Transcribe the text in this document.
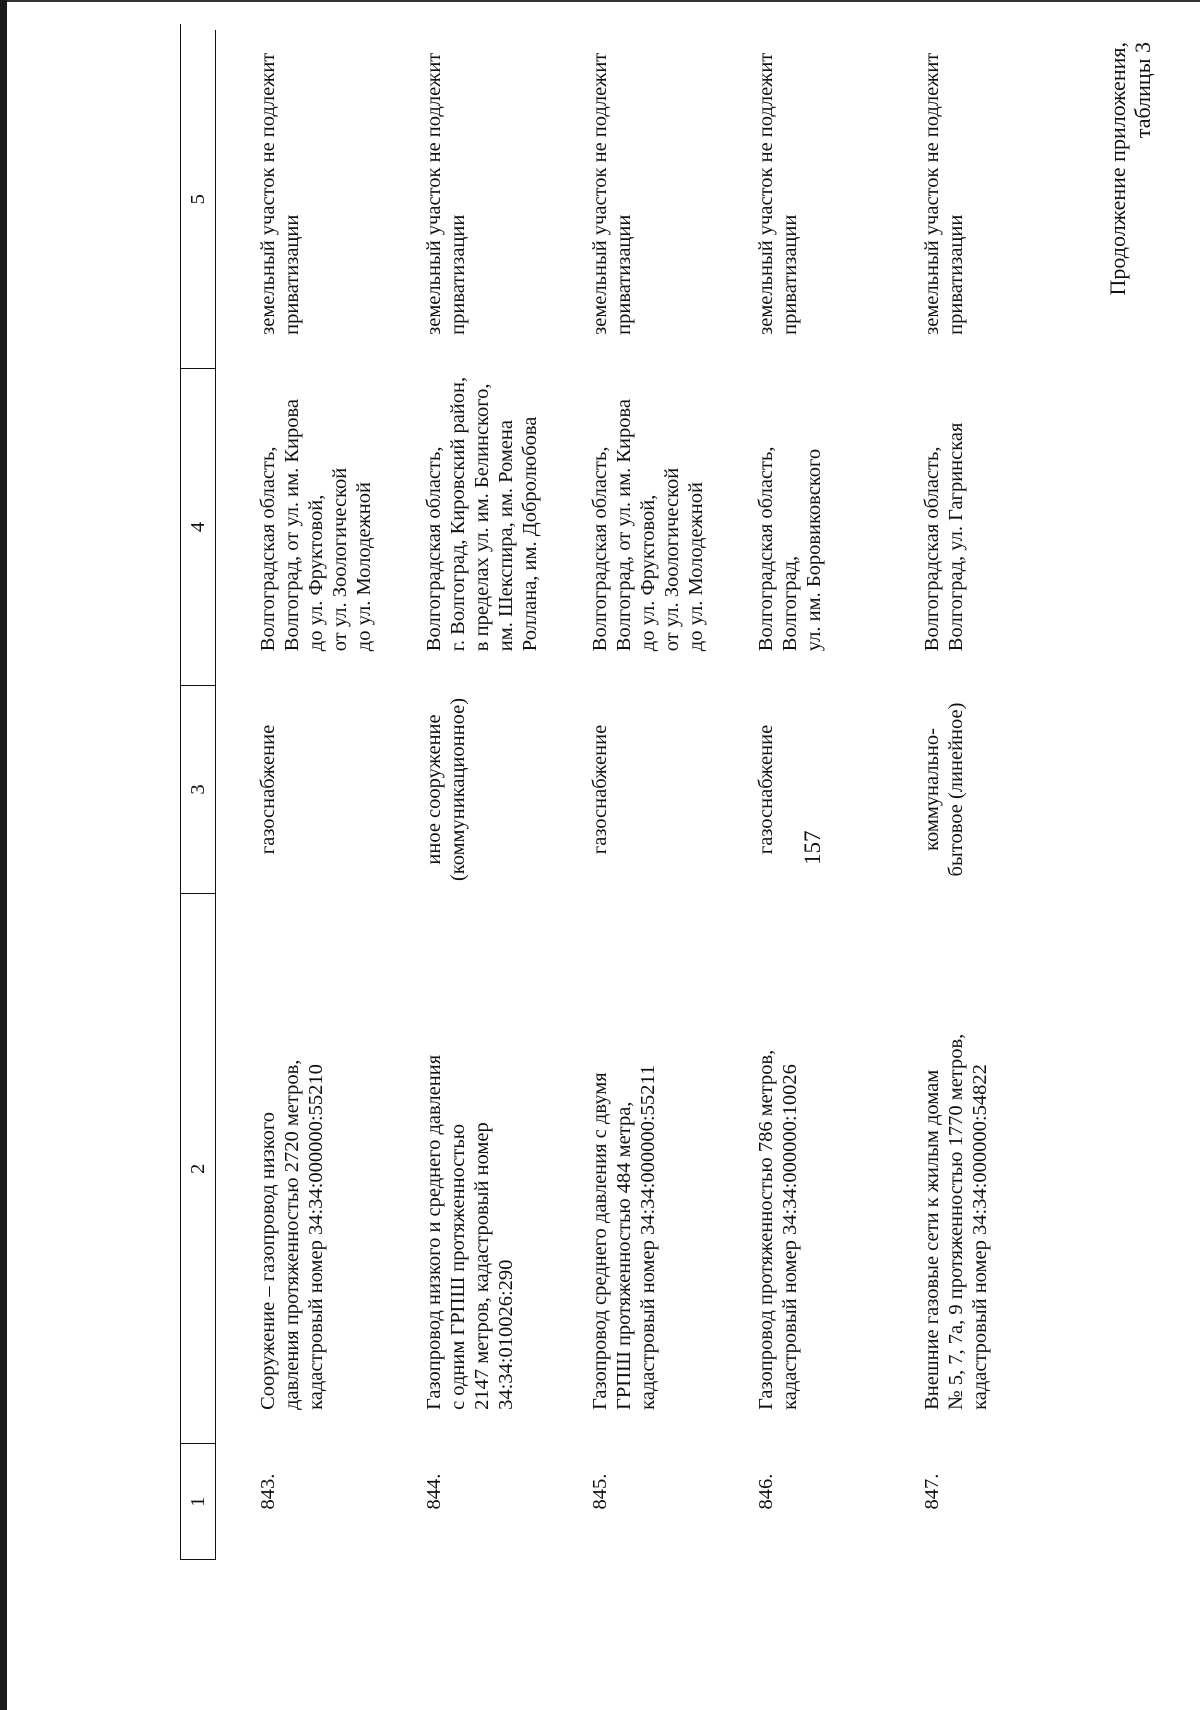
157
Продолжение приложения, таблицы 3
1	2	3	4	5
843.	Сооружение – газопровод низкого давления протяженностью 2720 метров, кадастровый номер 34:34:000000:55210	газоснабжение	Волгоградская область, Волгоград, от ул. им. Кирова до ул. Фруктовой, от ул. Зоологической до ул. Молодежной	земельный участок не подлежит приватизации

844.	Газопровод низкого и среднего давления с одним ГРПШ протяженностью 2147 метров, кадастровый номер 34:34:010026:290	иное сооружение (коммуникационное)	Волгоградская область, г. Волгоград, Кировский район, в пределах ул. им. Белинского, им. Шекспира, им. Ромена Роллана, им. Добролюбова	земельный участок не подлежит приватизации

845.	Газопровод среднего давления с двумя ГРПШ протяженностью 484 метра, кадастровый номер 34:34:000000:55211	газоснабжение	Волгоградская область, Волгоград, от ул. им. Кирова до ул. Фруктовой, от ул. Зоологической до ул. Молодежной	земельный участок не подлежит приватизации

846.	Газопровод протяженностью 786 метров, кадастровый номер 34:34:000000:10026	газоснабжение	Волгоградская область, Волгоград, ул. им. Боровиковского	земельный участок не подлежит приватизации

847.	Внешние газовые сети к жилым домам № 5, 7, 7а, 9 протяженностью 1770 метров, кадастровый номер 34:34:000000:54822	коммунально- бытовое (линейное)	Волгоградская область, Волгоград, ул. Гагринская	земельный участок не подлежит приватизации
